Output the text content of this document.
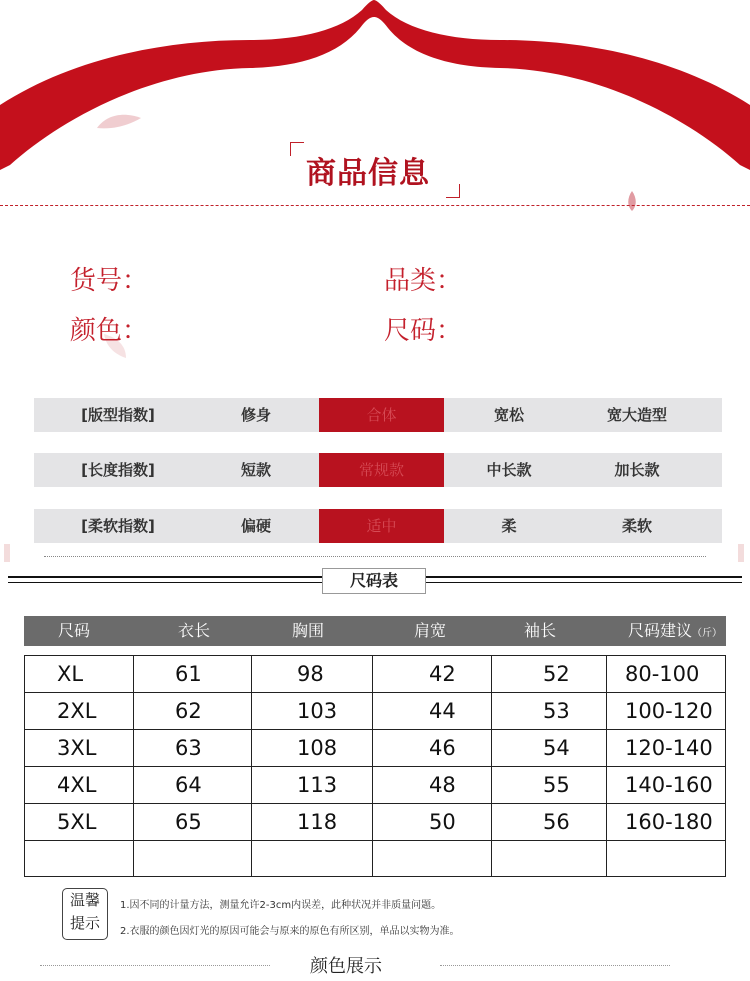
商品信息
货号：	品类：
颜色：	尺码：
[版型指数]	修身	合体	宽松	宽大造型
[长度指数]	短款	常规款	中长款	加长款
[柔软指数]	偏硬	适中	柔	柔软
尺码表
尺码	衣长	胸围	肩宽	袖长	尺码建议（斤）
XL	61	98	42	52	80-100
2XL	62	103	44	53	100-120
3XL	63	108	46	54	120-140
4XL	64	113	48	55	140-160
5XL	65	118	50	56	160-180
温馨
提示
1.因不同的计量方法，测量允许2-3cm内误差，此种状况并非质量问题。
2.衣服的颜色因灯光的原因可能会与原来的原色有所区别，单品以实物为准。
颜色展示
